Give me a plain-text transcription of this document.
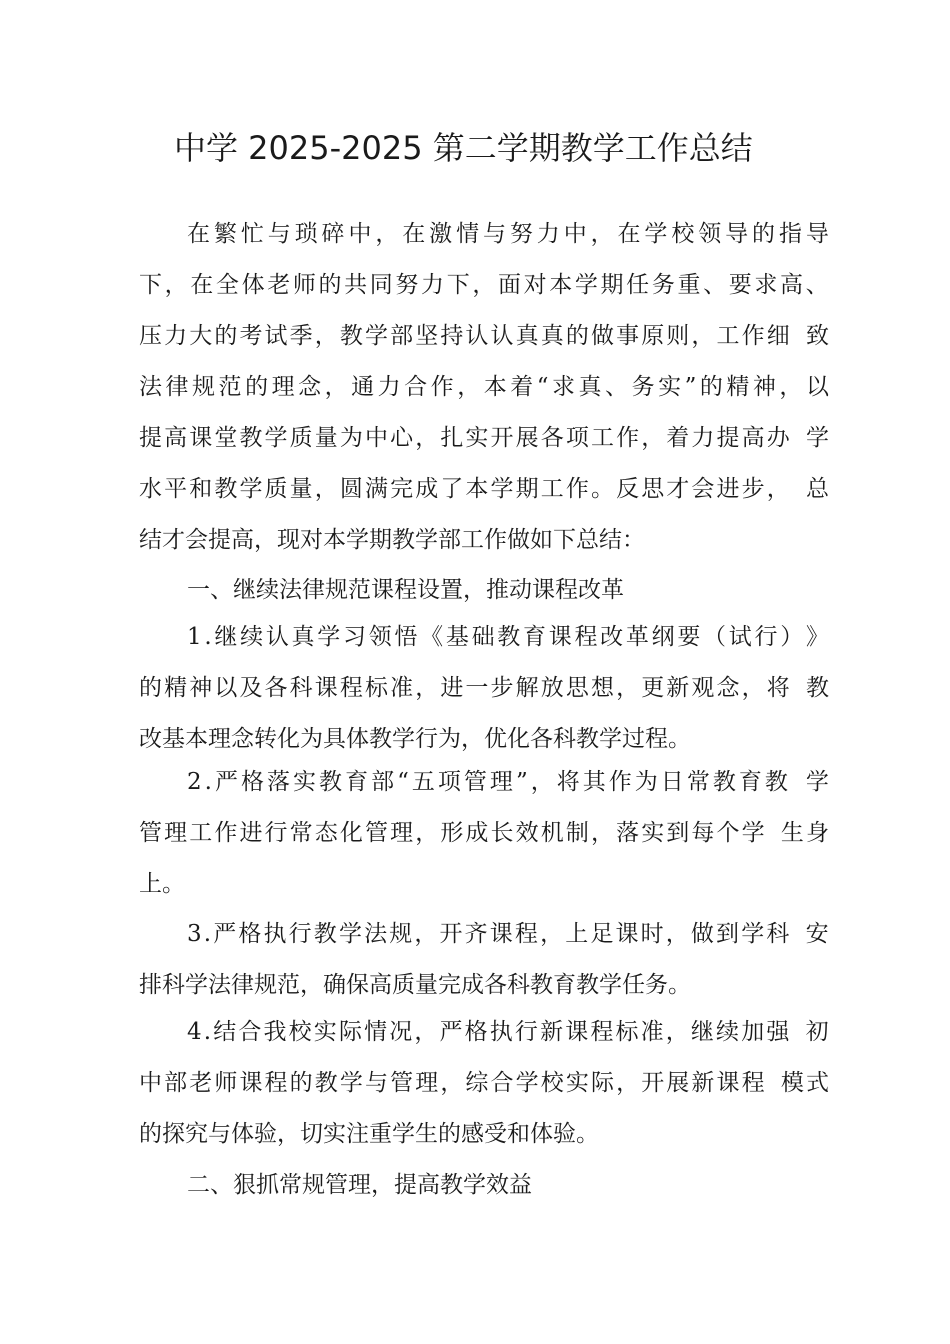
中学 2025-2025 第二学期教学工作总结
在 繁 忙 与 琐 碎 中 ， 在 激 情 与 努 力 中 ， 在 学 校 领 导 的 指 导
下 ， 在 全 体 老 师 的 共 同 努 力 下 ， 面 对 本 学 期 任 务 重 、 要 求 高 、
压 力 大 的 考 试 季 ， 教 学 部 坚 持 认 认 真 真 的 做 事 原 则 ， 工 作 细 致
法 律 规 范 的 理 念 ， 通 力 合 作 ， 本 着 “ 求 真 、 务 实 ” 的 精 神 ， 以
提 高 课 堂 教 学 质 量 为 中 心 ， 扎 实 开 展 各 项 工 作 ， 着 力 提 高 办 学
水 平 和 教 学 质 量 ， 圆 满 完 成 了 本 学 期 工 作 。 反 思 才 会 进 步 ， 总
结才会提高，现对本学期教学部工作做如下总结：
一、继续法律规范课程设置，推动课程改革
1 . 继 续 认 真 学 习 领 悟 《 基 础 教 育 课 程 改 革 纲 要 （ 试 行 ） 》
的 精 神 以 及 各 科 课 程 标 准 ， 进 一 步 解 放 思 想 ， 更 新 观 念 ， 将 教
改基本理念转化为具体教学行为，优化各科教学过程。
2 . 严 格 落 实 教 育 部 “ 五 项 管 理 ” ， 将 其 作 为 日 常 教 育 教 学
管 理 工 作 进 行 常 态 化 管 理 ， 形 成 长 效 机 制 ， 落 实 到 每 个 学 生 身
上。
3 . 严 格 执 行 教 学 法 规 ， 开 齐 课 程 ， 上 足 课 时 ， 做 到 学 科 安
排科学法律规范，确保高质量完成各科教育教学任务。
4 . 结 合 我 校 实 际 情 况 ， 严 格 执 行 新 课 程 标 准 ， 继 续 加 强 初
中 部 老 师 课 程 的 教 学 与 管 理 ， 综 合 学 校 实 际 ， 开 展 新 课 程 模 式
的探究与体验，切实注重学生的感受和体验。
二、狠抓常规管理，提高教学效益
